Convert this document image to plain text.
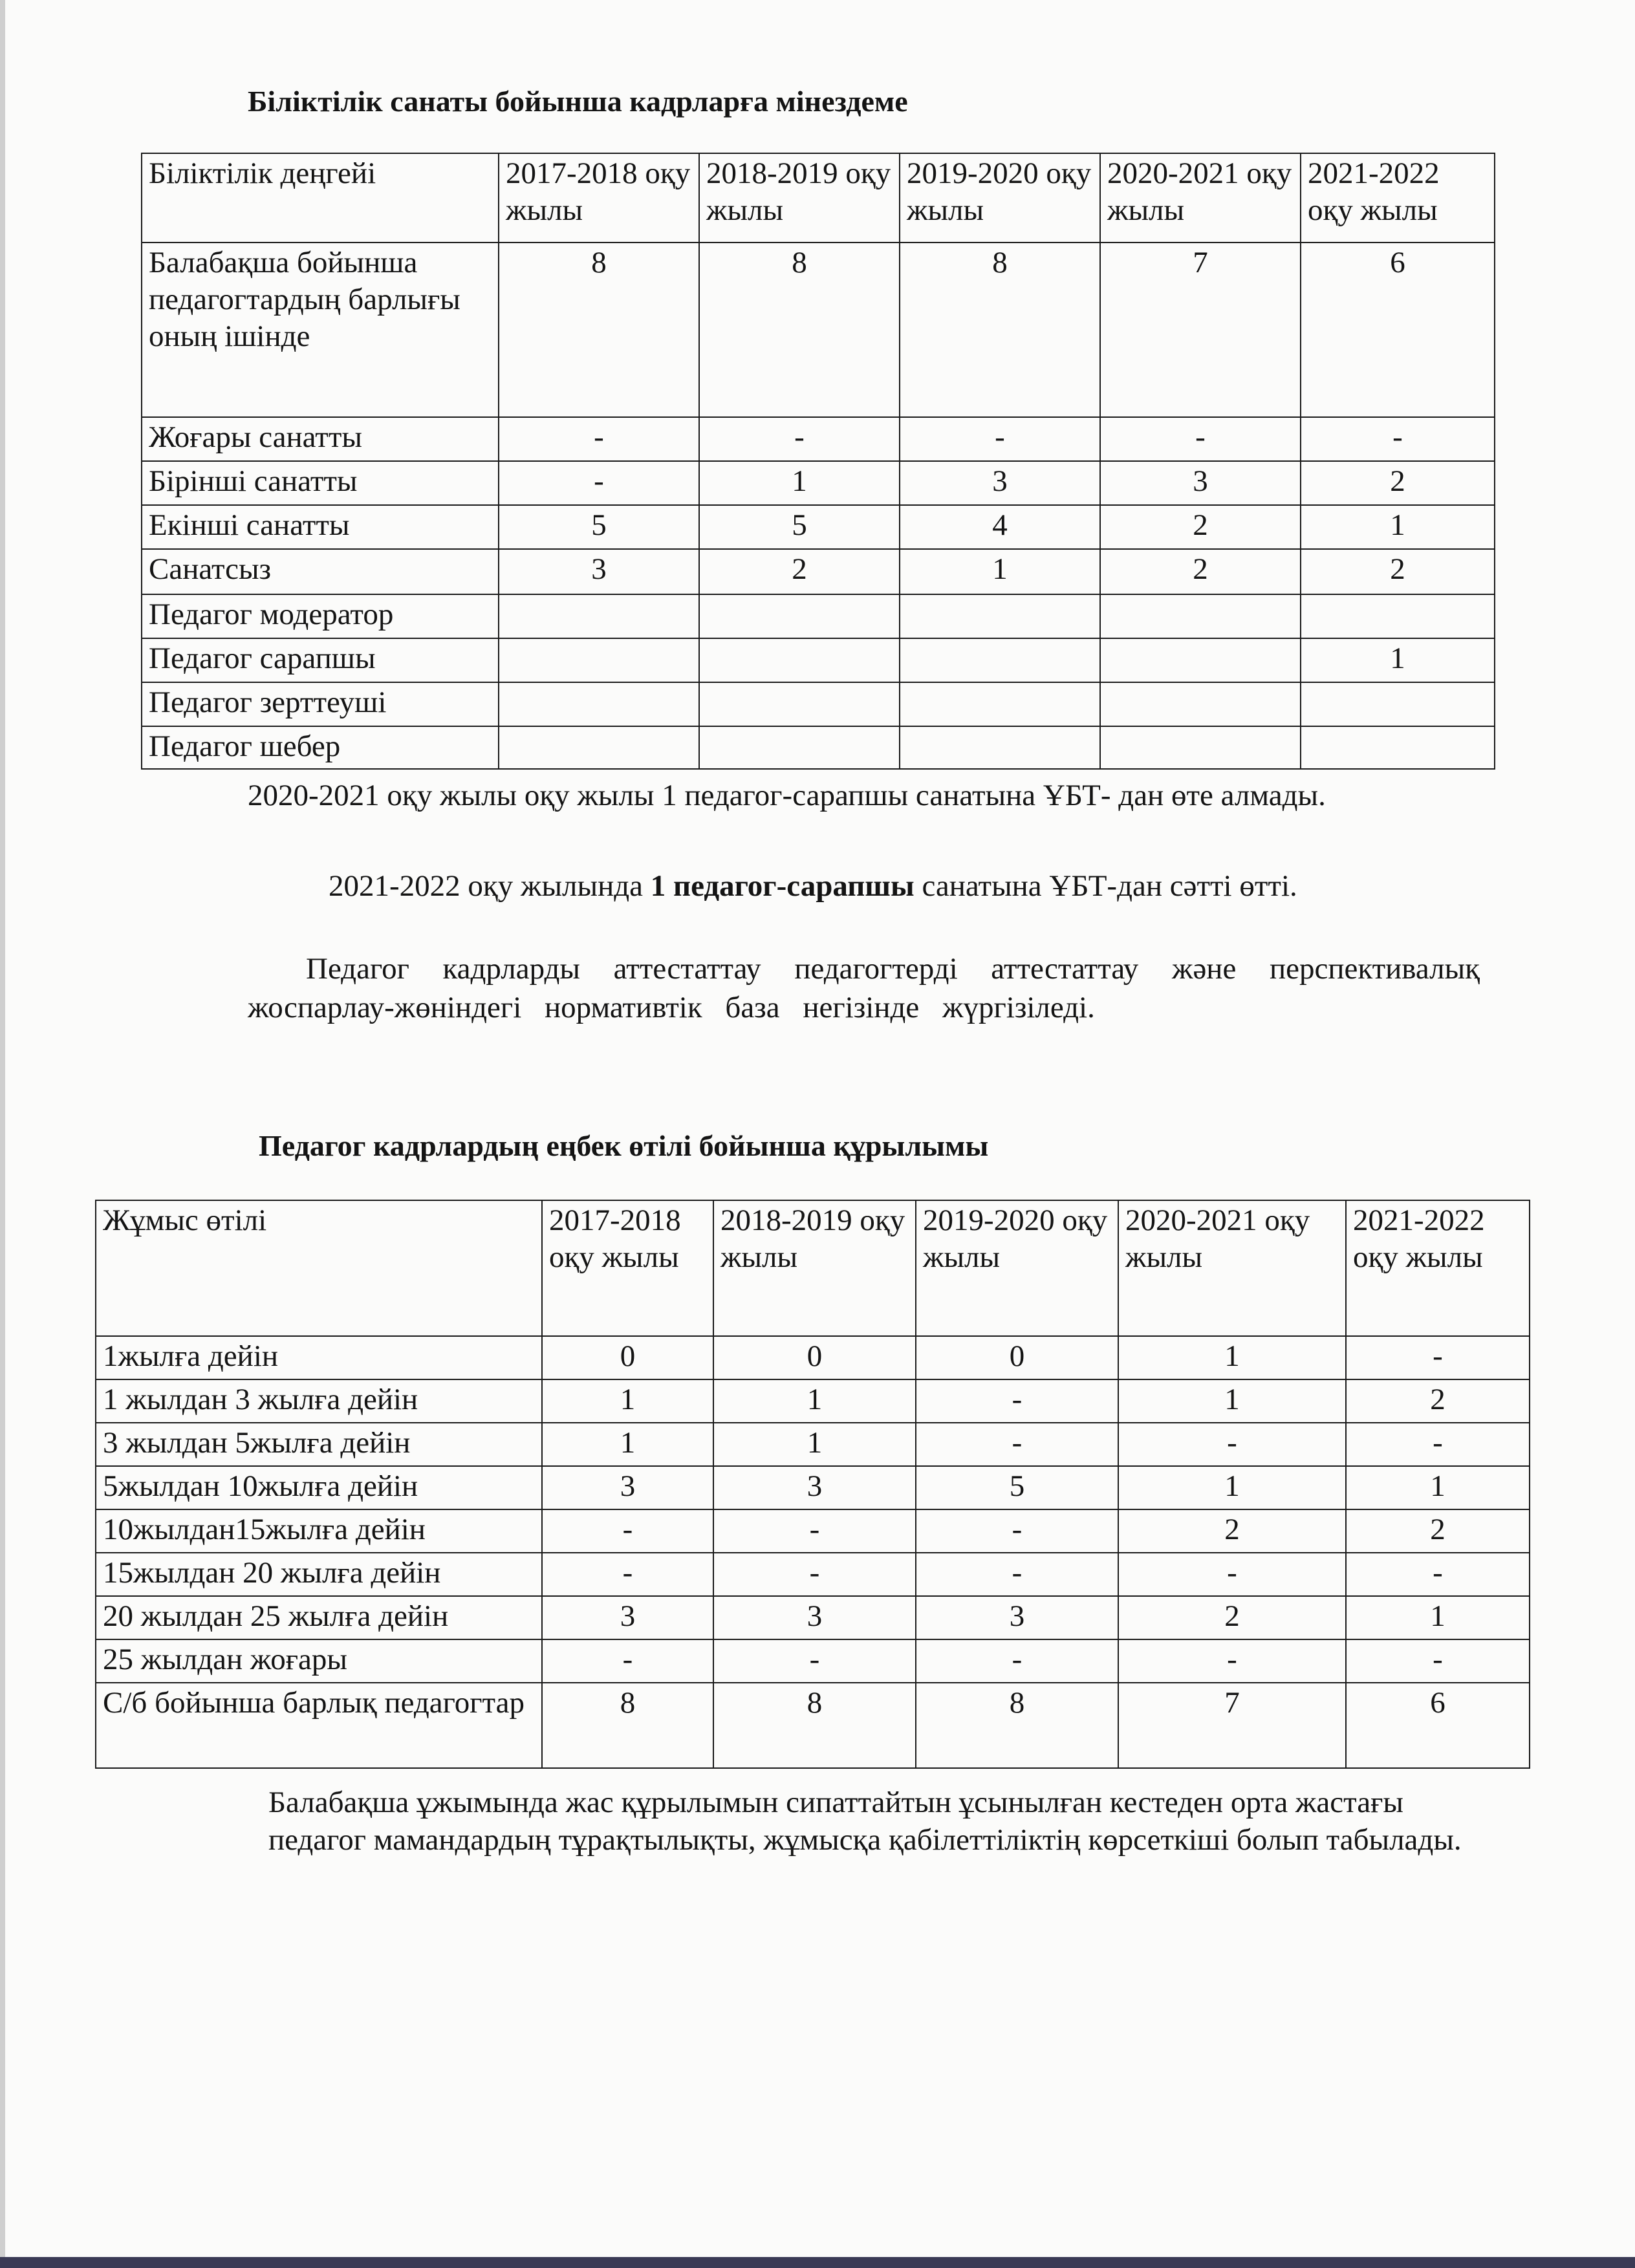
Біліктілік санаты бойынша кадрларға мінездеме
Біліктілік деңгейі	2017-2018 оқу жылы	2018-2019 оқу жылы	2019-2020 оқу жылы	2020-2021 оқу жылы	2021-2022 оқу жылы
Балабақша бойынша педагогтардың барлығы оның ішінде	8	8	8	7	6
Жоғары санатты	-	-	-	-	-
Бірінші санатты	-	1	3	3	2
Екінші санатты	5	5	4	2	1
Санатсыз	3	2	1	2	2
Педагог модератор					
Педагог сарапшы					1
Педагог зерттеуші					
Педагог шебер					

2020-2021 оқу жылы оқу жылы 1 педагог-сарапшы санатына ҰБТ- дан өте алмады.

2021-2022 оқу жылында 1 педагог-сарапшы санатына ҰБТ-дан сәтті өтті.

Педагог кадрларды аттестаттау педагогтерді аттестаттау және перспективалық жоспарлау-жөніндегі нормативтік база негізінде жүргізіледі.

Педагог кадрлардың еңбек өтілі бойынша құрылымы
Жұмыс өтілі	2017-2018 оқу жылы	2018-2019 оқу жылы	2019-2020 оқу жылы	2020-2021 оқу жылы	2021-2022 оқу жылы
1жылға дейін	0	0	0	1	-
1 жылдан 3 жылға дейін	1	1	-	1	2
3 жылдан 5жылға дейін	1	1	-	-	-
5жылдан 10жылға дейін	3	3	5	1	1
10жылдан15жылға дейін	-	-	-	2	2
15жылдан 20 жылға дейін	-	-	-	-	-
20 жылдан 25 жылға дейін	3	3	3	2	1
25 жылдан жоғары	-	-	-	-	-
С/б бойынша барлық педагогтар	8	8	8	7	6

Балабақша ұжымында жас құрылымын сипаттайтын ұсынылған кестеден орта жастағы педагог мамандардың тұрақтылықты, жұмысқа қабілеттіліктің көрсеткіші болып табылады.
